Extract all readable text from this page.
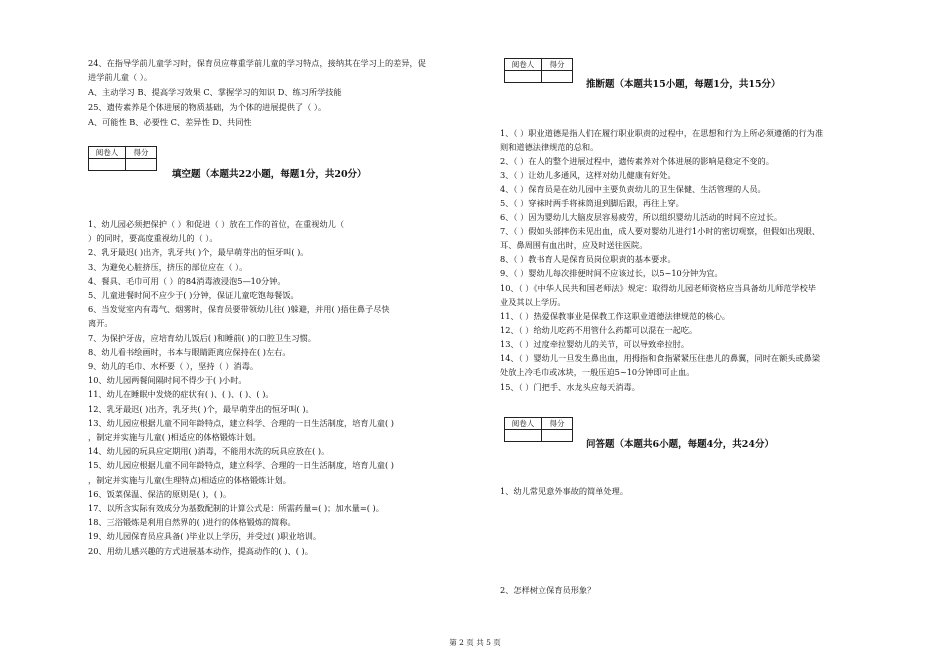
24、在指导学前儿童学习时，保育员应尊重学前儿童的学习特点，接纳其在学习上的差异，促
进学前儿童（ ）。
A、主动学习 B、提高学习效果 C、掌握学习的知识 D、练习所学技能
25、遗传素养是个体进展的物质基础，为个体的进展提供了（ ）。
A、可能性 B、必要性 C、差异性 D、共同性
阅卷人	得分

填空题（本题共22小题，每题1分，共20分）
1、幼儿园必须把保护（ ）和促进（ ）放在工作的首位，在重视幼儿（
）的同时，要高度重视幼儿的（ ）。
2、乳牙最迟( )出齐，乳牙共( )个，最早萌芽出的恒牙叫( )。
3、为避免心脏挤压，挤压的部位应在（ ）。
4、餐具、毛巾可用（ ）的84消毒液浸泡5—10分钟。
5、儿童进餐时间不应少于( )分钟，保证儿童吃饱每餐饭。
6、当发觉室内有毒气、烟雾时，保育员要带领幼儿往( )躲避，并用( )捂住鼻子尽快
离开。
7、为保护牙齿，应培育幼儿饭后( )和睡前( )的口腔卫生习惯。
8、幼儿看书绘画时，书本与眼睛距离应保持在( )左右。
9、幼儿的毛巾、水杯要（ ），坚持（ ）消毒。
10、幼儿园两餐间隔时间不得少于( )小时。
11、幼儿在睡眠中发烧的症状有( )、( )、( )、( )。
12、乳牙最迟( )出齐，乳牙共( )个，最早萌芽出的恒牙叫( )。
13、幼儿园应根据儿童不同年龄特点，建立科学、合理的一日生活制度，培育儿童( )
，制定并实施与儿童( )相适应的体格锻炼计划。
14、幼儿园的玩具应定期用( )消毒，不能用水洗的玩具应放在( )。
15、幼儿园应根据儿童不同年龄特点，建立科学、合理的一日生活制度，培育儿童( )
，制定并实施与儿童(生理特点)相适应的体格锻炼计划。
16、饭菜保温、保洁的原则是( )，( )。
17、以所含实际有效成分为基数配制的计算公式是：所需药量=( )；加水量=( )。
18、三浴锻炼是利用自然界的( )进行的体格锻炼的简称。
19、幼儿园保育员应具备( )毕业以上学历，并受过( )职业培训。
20、用幼儿感兴趣的方式进展基本动作，提高动作的( )、( )。
阅卷人	得分

推断题（本题共15小题，每题1分，共15分）
1、（ ）职业道德是指人们在履行职业职责的过程中，在思想和行为上所必须遵循的行为准
则和道德法律规范的总和。
2、（ ）在人的整个进展过程中，遗传素养对个体进展的影响是稳定不变的。
3、（ ）让幼儿多通风，这样对幼儿健康有好处。
4、（ ）保育员是在幼儿园中主要负责幼儿的卫生保健、生活管理的人员。
5、（ ）穿袜时两手将袜筒退到脚后跟，再往上穿。
6、（ ）因为婴幼儿大脑皮层容易疲劳，所以组织婴幼儿活动的时间不应过长。
7、（ ）假如头部摔伤未见出血，成人要对婴幼儿进行1小时的密切观察，但假如出现眼、
耳、鼻周围有血出时，应及时送往医院。
8、（ ）教书育人是保育员岗位职责的基本要求。
9、（ ）婴幼儿每次排便时间不应该过长，以5~10分钟为宜。
10、（ ）《中华人民共和国老师法》规定：取得幼儿园老师资格应当具备幼儿师范学校毕
业及其以上学历。
11、（ ）热爱保教事业是保教工作这职业道德法律规范的核心。
12、（ ）给幼儿吃药不用管什么药都可以混在一起吃。
13、（ ）过度牵拉婴幼儿的关节，可以导致牵拉肘。
14、（ ）婴幼儿一旦发生鼻出血，用拇指和食指紧紧压住患儿的鼻翼，同时在额头或鼻梁
处放上冷毛巾或冰块，一般压迫5~10分钟即可止血。
15、（ ）门把手、水龙头应每天消毒。
阅卷人	得分

问答题（本题共6小题，每题4分，共24分）
1、幼儿常见意外事故的简单处理。
2、怎样树立保育员形象？
第 2 页 共 5 页
